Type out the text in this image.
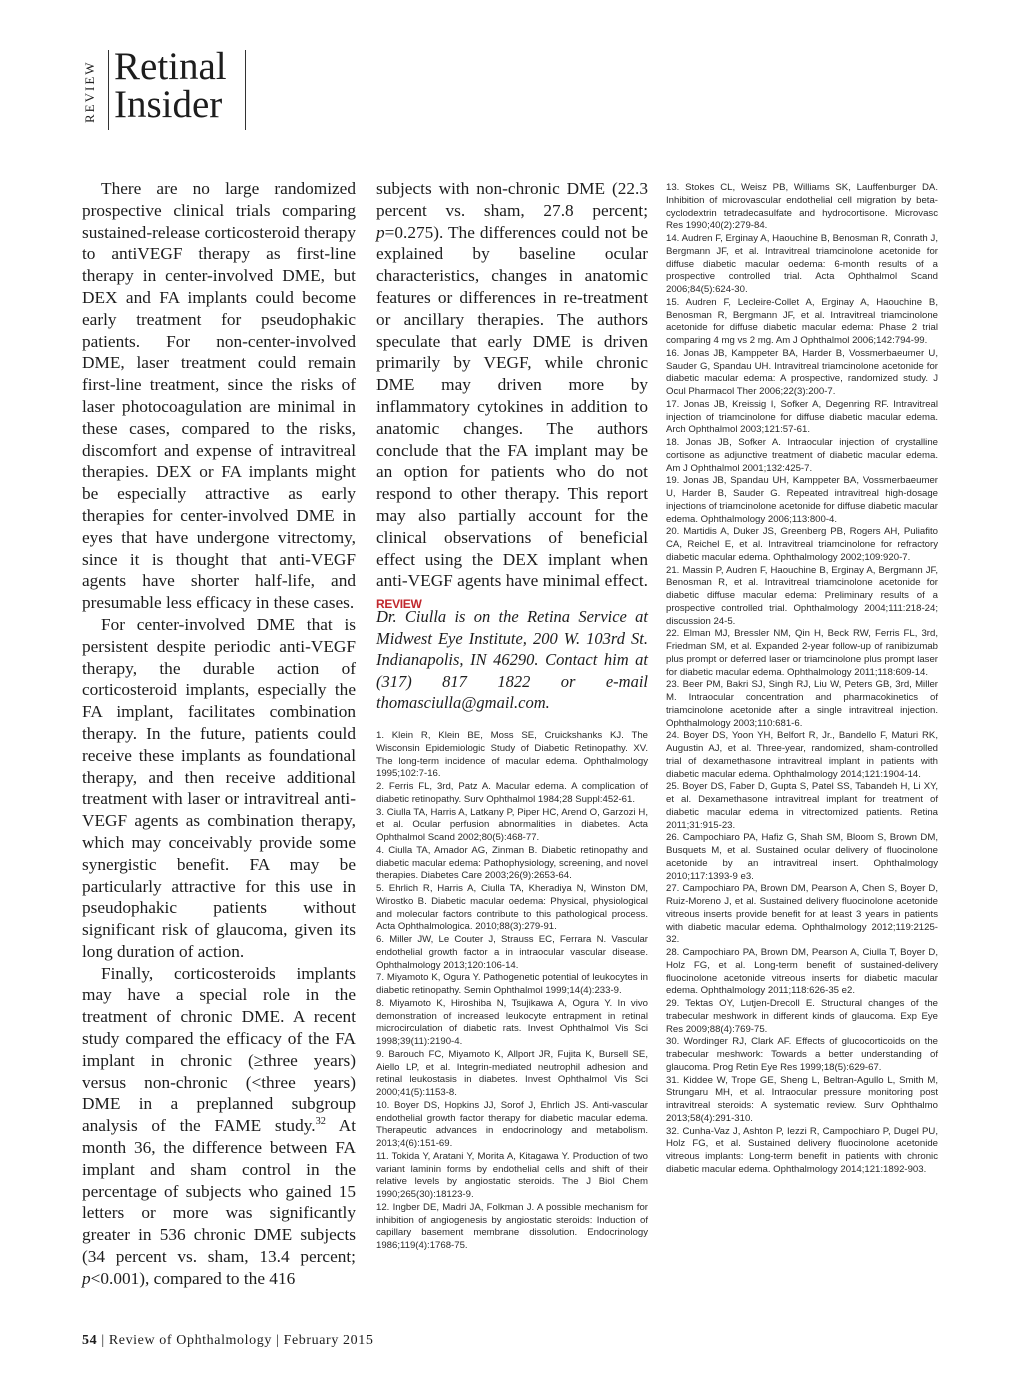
REVIEW Retinal
Insider

There are no large randomized prospective clinical trials comparing sustained-release corticosteroid therapy to antiVEGF therapy as first-line therapy in center-involved DME, but DEX and FA implants could become early treatment for pseudophakic patients. For non-center-involved DME, laser treatment could remain first-line treatment, since the risks of laser photocoagulation are minimal in these cases, compared to the risks, discomfort and expense of intravitreal therapies. DEX or FA implants might be especially attractive as early therapies for center-involved DME in eyes that have undergone vitrectomy, since it is thought that anti-VEGF agents have shorter half-life, and presumable less efficacy in these cases.

For center-involved DME that is persistent despite periodic anti-VEGF therapy, the durable action of corticosteroid implants, especially the FA implant, facilitates combination therapy. In the future, patients could receive these implants as foundational therapy, and then receive additional treatment with laser or intravitreal anti-VEGF agents as combination therapy, which may conceivably provide some synergistic benefit. FA may be particularly attractive for this use in pseudophakic patients without significant risk of glaucoma, given its long duration of action.

Finally, corticosteroids implants may have a special role in the treatment of chronic DME. A recent study compared the efficacy of the FA implant in chronic (≥three years) versus non-chronic (<three years) DME in a preplanned subgroup analysis of the FAME study.$^{32}$ At month 36, the difference between FA implant and sham control in the percentage of subjects who gained 15 letters or more was significantly greater in 536 chronic DME subjects (34 percent vs. sham, 13.4 percent; p<0.001), compared to the 416

subjects with non-chronic DME (22.3 percent vs. sham, 27.8 percent; p=0.275). The differences could not be explained by baseline ocular characteristics, changes in anatomic features or differences in re-treatment or ancillary therapies. The authors speculate that early DME is driven primarily by VEGF, while chronic DME may driven more by inflammatory cytokines in addition to anatomic changes. The authors conclude that the FA implant may be an option for patients who do not respond to other therapy. This report may also partially account for the clinical observations of beneficial effect using the DEX implant when anti-VEGF agents have minimal effect. REVIEW

Dr. Ciulla is on the Retina Service at Midwest Eye Institute, 200 W. 103rd St. Indianapolis, IN 46290. Contact him at (317) 817 1822 or e-mail thomasciulla@gmail.com.

1. Klein R, Klein BE, Moss SE, Cruickshanks KJ. The Wisconsin Epidemiologic Study of Diabetic Retinopathy. XV. The long-term incidence of macular edema. Ophthalmology 1995;102:7-16.

2. Ferris FL, 3rd, Patz A. Macular edema. A complication of diabetic retinopathy. Surv Ophthalmol 1984;28 Suppl:452-61.

3. Ciulla TA, Harris A, Latkany P, Piper HC, Arend O, Garzozi H, et al. Ocular perfusion abnormalities in diabetes. Acta Ophthalmol Scand 2002;80(5):468-77.

4. Ciulla TA, Amador AG, Zinman B. Diabetic retinopathy and diabetic macular edema: Pathophysiology, screening, and novel therapies. Diabetes Care 2003;26(9):2653-64.

5. Ehrlich R, Harris A, Ciulla TA, Kheradiya N, Winston DM, Wirostko B. Diabetic macular oedema: Physical, physiological and molecular factors contribute to this pathological process. Acta Ophthalmologica. 2010;88(3):279-91.

6. Miller JW, Le Couter J, Strauss EC, Ferrara N. Vascular endothelial growth factor a in intraocular vascular disease. Ophthalmology 2013;120:106-14.

7. Miyamoto K, Ogura Y. Pathogenetic potential of leukocytes in diabetic retinopathy. Semin Ophthalmol 1999;14(4):233-9.

8. Miyamoto K, Hiroshiba N, Tsujikawa A, Ogura Y. In vivo demonstration of increased leukocyte entrapment in retinal microcirculation of diabetic rats. Invest Ophthalmol Vis Sci 1998;39(11):2190-4.

9. Barouch FC, Miyamoto K, Allport JR, Fujita K, Bursell SE, Aiello LP, et al. Integrin-mediated neutrophil adhesion and retinal leukostasis in diabetes. Invest Ophthalmol Vis Sci 2000;41(5):1153-8.

10. Boyer DS, Hopkins JJ, Sorof J, Ehrlich JS. Anti-vascular endothelial growth factor therapy for diabetic macular edema. Therapeutic advances in endocrinology and metabolism. 2013;4(6):151-69.

11. Tokida Y, Aratani Y, Morita A, Kitagawa Y. Production of two variant laminin forms by endothelial cells and shift of their relative levels by angiostatic steroids. The J Biol Chem 1990;265(30):18123-9.

12. Ingber DE, Madri JA, Folkman J. A possible mechanism for inhibition of angiogenesis by angiostatic steroids: Induction of capillary basement membrane dissolution. Endocrinology 1986;119(4):1768-75.

13. Stokes CL, Weisz PB, Williams SK, Lauffenburger DA. Inhibition of microvascular endothelial cell migration by beta-cyclodextrin tetradecasulfate and hydrocortisone. Microvasc Res 1990;40(2):279-84.

14. Audren F, Erginay A, Haouchine B, Benosman R, Conrath J, Bergmann JF, et al. Intravitreal triamcinolone acetonide for diffuse diabetic macular oedema: 6-month results of a prospective controlled trial. Acta Ophthalmol Scand 2006;84(5):624-30.

15. Audren F, Lecleire-Collet A, Erginay A, Haouchine B, Benosman R, Bergmann JF, et al. Intravitreal triamcinolone acetonide for diffuse diabetic macular edema: Phase 2 trial comparing 4 mg vs 2 mg. Am J Ophthalmol 2006;142:794-99.

16. Jonas JB, Kamppeter BA, Harder B, Vossmerbaeumer U, Sauder G, Spandau UH. Intravitreal triamcinolone acetonide for diabetic macular edema: A prospective, randomized study. J Ocul Pharmacol Ther 2006;22(3):200-7.

17. Jonas JB, Kreissig I, Sofker A, Degenring RF. Intravitreal injection of triamcinolone for diffuse diabetic macular edema. Arch Ophthalmol 2003;121:57-61.

18. Jonas JB, Sofker A. Intraocular injection of crystalline cortisone as adjunctive treatment of diabetic macular edema. Am J Ophthalmol 2001;132:425-7.

19. Jonas JB, Spandau UH, Kamppeter BA, Vossmerbaeumer U, Harder B, Sauder G. Repeated intravitreal high-dosage injections of triamcinolone acetonide for diffuse diabetic macular edema. Ophthalmology 2006;113:800-4.

20. Martidis A, Duker JS, Greenberg PB, Rogers AH, Puliafito CA, Reichel E, et al. Intravitreal triamcinolone for refractory diabetic macular edema. Ophthalmology 2002;109:920-7.

21. Massin P, Audren F, Haouchine B, Erginay A, Bergmann JF, Benosman R, et al. Intravitreal triamcinolone acetonide for diabetic diffuse macular edema: Preliminary results of a prospective controlled trial. Ophthalmology 2004;111:218-24; discussion 24-5.

22. Elman MJ, Bressler NM, Qin H, Beck RW, Ferris FL, 3rd, Friedman SM, et al. Expanded 2-year follow-up of ranibizumab plus prompt or deferred laser or triamcinolone plus prompt laser for diabetic macular edema. Ophthalmology 2011;118:609-14.

23. Beer PM, Bakri SJ, Singh RJ, Liu W, Peters GB, 3rd, Miller M. Intraocular concentration and pharmacokinetics of triamcinolone acetonide after a single intravitreal injection. Ophthalmology 2003;110:681-6.

24. Boyer DS, Yoon YH, Belfort R, Jr., Bandello F, Maturi RK, Augustin AJ, et al. Three-year, randomized, sham-controlled trial of dexamethasone intravitreal implant in patients with diabetic macular edema. Ophthalmology 2014;121:1904-14.

25. Boyer DS, Faber D, Gupta S, Patel SS, Tabandeh H, Li XY, et al. Dexamethasone intravitreal implant for treatment of diabetic macular edema in vitrectomized patients. Retina 2011;31:915-23.

26. Campochiaro PA, Hafiz G, Shah SM, Bloom S, Brown DM, Busquets M, et al. Sustained ocular delivery of fluocinolone acetonide by an intravitreal insert. Ophthalmology 2010;117:1393-9 e3.

27. Campochiaro PA, Brown DM, Pearson A, Chen S, Boyer D, Ruiz-Moreno J, et al. Sustained delivery fluocinolone acetonide vitreous inserts provide benefit for at least 3 years in patients with diabetic macular edema. Ophthalmology 2012;119:2125-32.

28. Campochiaro PA, Brown DM, Pearson A, Ciulla T, Boyer D, Holz FG, et al. Long-term benefit of sustained-delivery fluocinolone acetonide vitreous inserts for diabetic macular edema. Ophthalmology 2011;118:626-35 e2.

29. Tektas OY, Lutjen-Drecoll E. Structural changes of the trabecular meshwork in different kinds of glaucoma. Exp Eye Res 2009;88(4):769-75.

30. Wordinger RJ, Clark AF. Effects of glucocorticoids on the trabecular meshwork: Towards a better understanding of glaucoma. Prog Retin Eye Res 1999;18(5):629-67.

31. Kiddee W, Trope GE, Sheng L, Beltran-Agullo L, Smith M, Strungaru MH, et al. Intraocular pressure monitoring post intravitreal steroids: A systematic review. Surv Ophthalmo 2013;58(4):291-310.

32. Cunha-Vaz J, Ashton P, Iezzi R, Campochiaro P, Dugel PU, Holz FG, et al. Sustained delivery fluocinolone acetonide vitreous implants: Long-term benefit in patients with chronic diabetic macular edema. Ophthalmology 2014;121:1892-903.

54 | Review of Ophthalmology | February 2015
